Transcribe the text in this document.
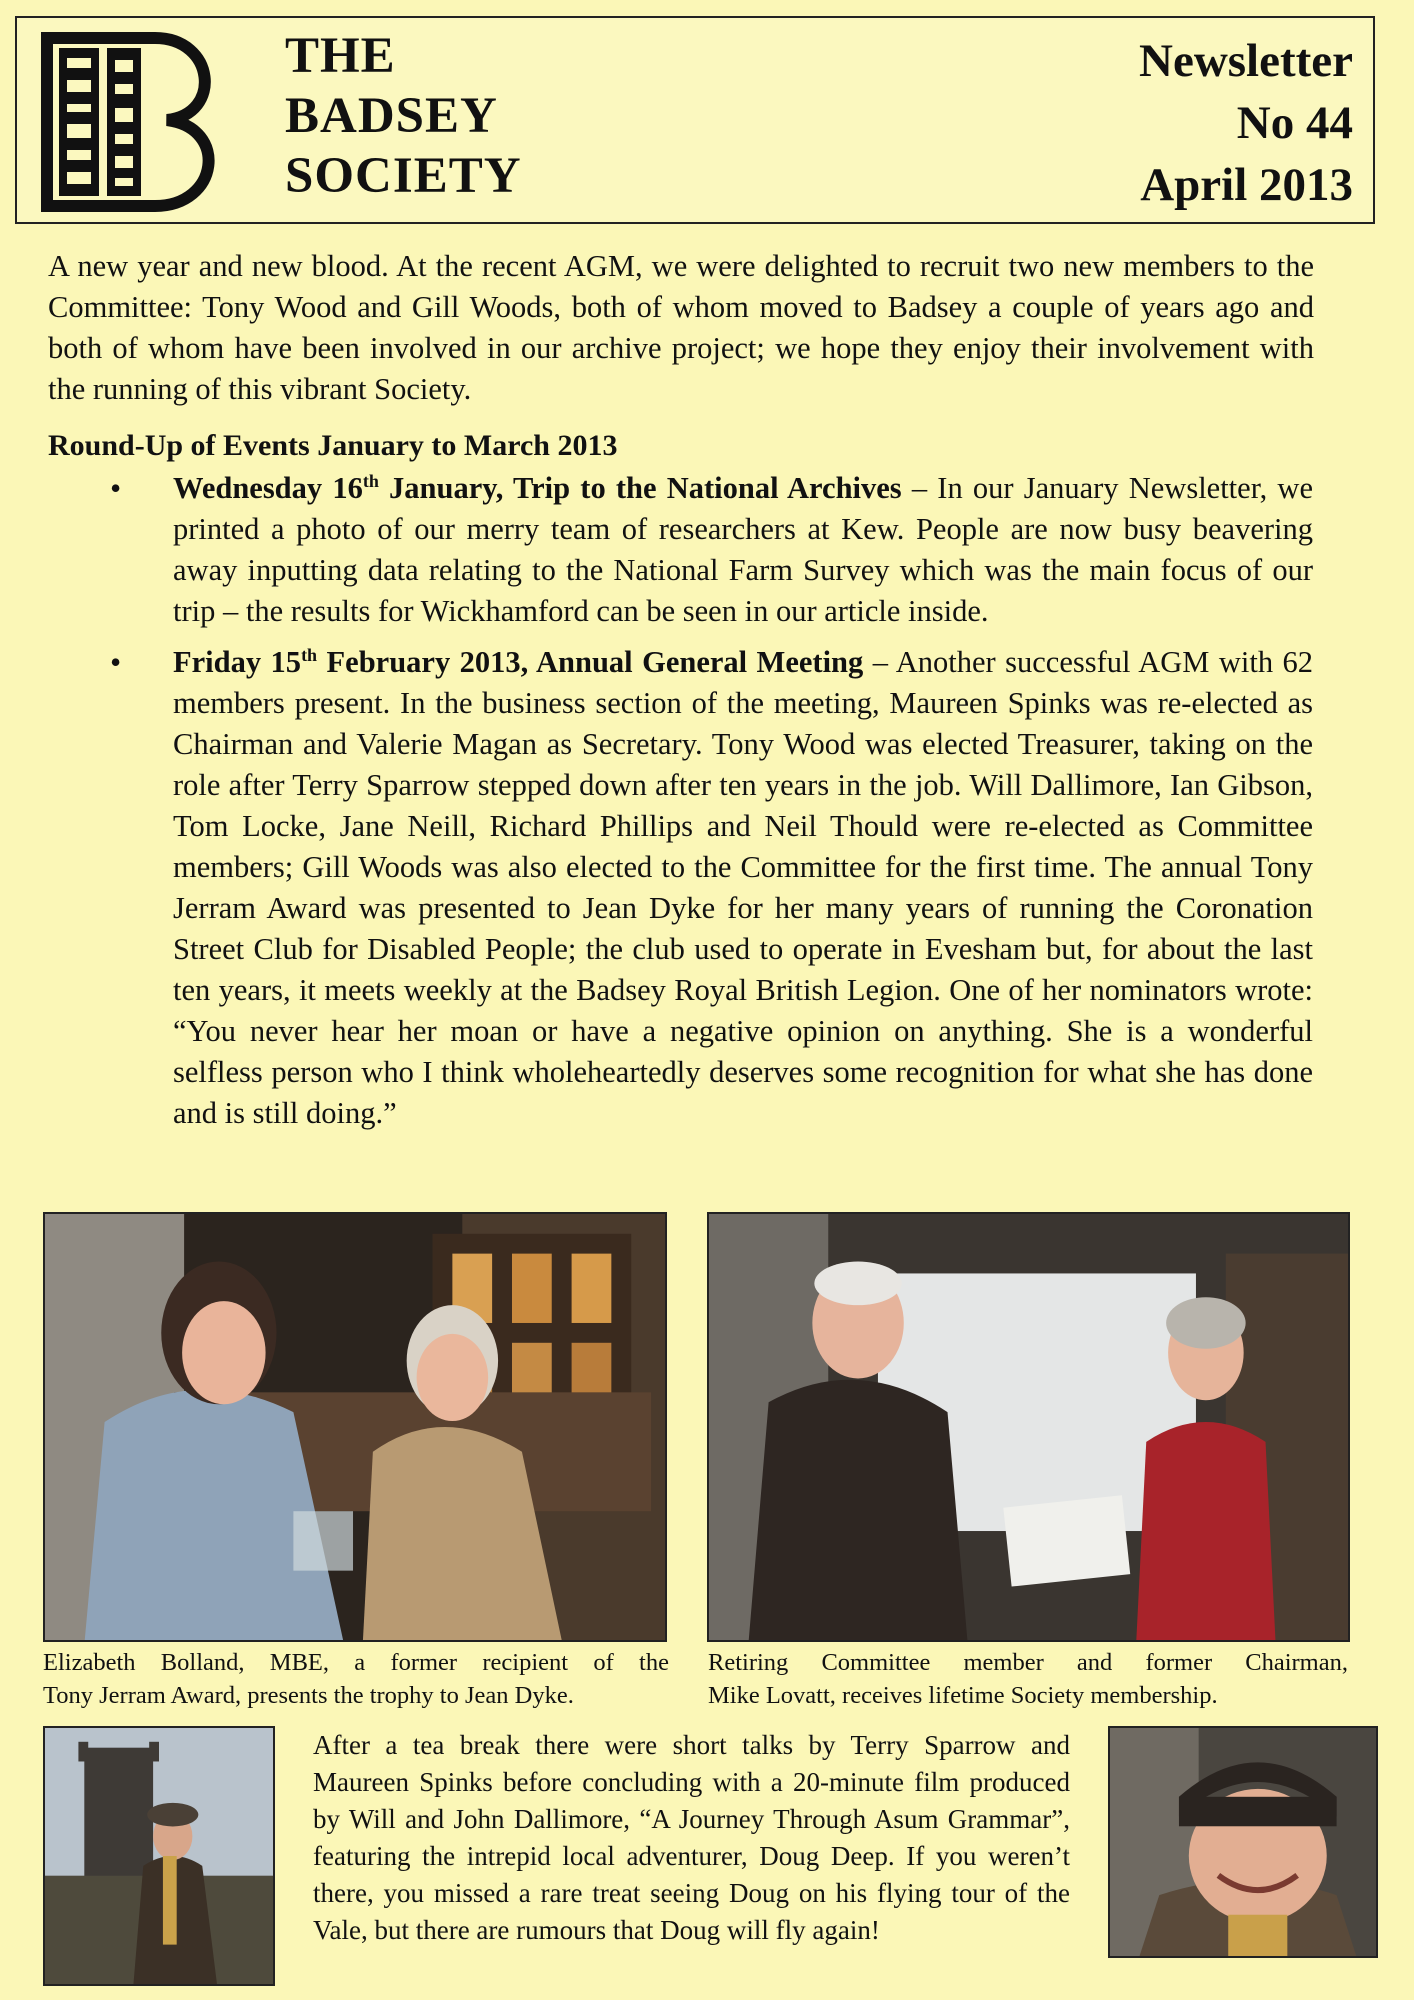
THE
BADSEY
SOCIETY
Newsletter
No 44
April 2013
A new year and new blood. At the recent AGM, we were delighted to recruit two new members to the Committee: Tony Wood and Gill Woods, both of whom moved to Badsey a couple of years ago and both of whom have been involved in our archive project; we hope they enjoy their involvement with the running of this vibrant Society.
Round-Up of Events January to March 2013
• Wednesday 16th January, Trip to the National Archives – In our January Newsletter, we printed a photo of our merry team of researchers at Kew. People are now busy beavering away inputting data relating to the National Farm Survey which was the main focus of our trip – the results for Wickhamford can be seen in our article inside.
• Friday 15th February 2013, Annual General Meeting – Another successful AGM with 62 members present. In the business section of the meeting, Maureen Spinks was re-elected as Chairman and Valerie Magan as Secretary. Tony Wood was elected Treasurer, taking on the role after Terry Sparrow stepped down after ten years in the job. Will Dallimore, Ian Gibson, Tom Locke, Jane Neill, Richard Phillips and Neil Thould were re-elected as Committee members; Gill Woods was also elected to the Committee for the first time. The annual Tony Jerram Award was presented to Jean Dyke for her many years of running the Coronation Street Club for Disabled People; the club used to operate in Evesham but, for about the last ten years, it meets weekly at the Badsey Royal British Legion. One of her nominators wrote: “You never hear her moan or have a negative opinion on anything. She is a wonderful selfless person who I think wholeheartedly deserves some recognition for what she has done and is still doing.”
Elizabeth Bolland, MBE, a former recipient of the
Tony Jerram Award, presents the trophy to Jean Dyke.
Retiring Committee member and former Chairman,
Mike Lovatt, receives lifetime Society membership.
After a tea break there were short talks by Terry Sparrow and Maureen Spinks before concluding with a 20-minute film produced by Will and John Dallimore, “A Journey Through Asum Grammar”, featuring the intrepid local adventurer, Doug Deep. If you weren’t there, you missed a rare treat seeing Doug on his flying tour of the Vale, but there are rumours that Doug will fly again!
